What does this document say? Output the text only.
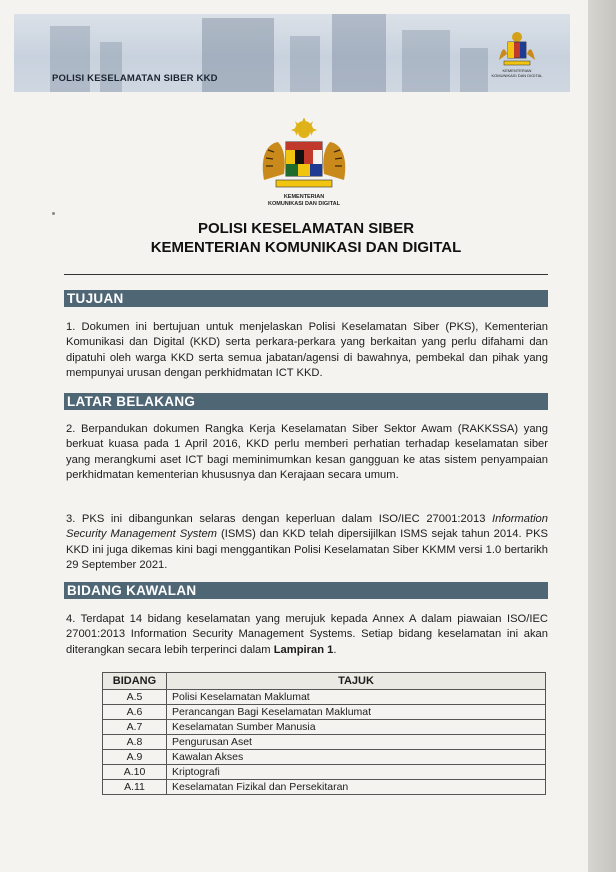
POLISI KESELAMATAN SIBER KKD
KEMENTERIAN
KOMUNIKASI DAN DIGITAL
KEMENTERIAN
KOMUNIKASI DAN DIGITAL
POLISI KESELAMATAN SIBER
KEMENTERIAN KOMUNIKASI DAN DIGITAL
TUJUAN
1. Dokumen ini bertujuan untuk menjelaskan Polisi Keselamatan Siber (PKS), Kementerian Komunikasi dan Digital (KKD) serta perkara-perkara yang berkaitan yang perlu difahami dan dipatuhi oleh warga KKD serta semua jabatan/agensi di bawahnya, pembekal dan pihak yang mempunyai urusan dengan perkhidmatan ICT KKD.
LATAR BELAKANG
2. Berpandukan dokumen Rangka Kerja Keselamatan Siber Sektor Awam (RAKKSSA) yang berkuat kuasa pada 1 April 2016, KKD perlu memberi perhatian terhadap keselamatan siber yang merangkumi aset ICT bagi meminimumkan kesan gangguan ke atas sistem penyampaian perkhidmatan kementerian khususnya dan Kerajaan secara umum.
3. PKS ini dibangunkan selaras dengan keperluan dalam ISO/IEC 27001:2013 Information Security Management System (ISMS) dan KKD telah dipersijilkan ISMS sejak tahun 2014. PKS KKD ini juga dikemas kini bagi menggantikan Polisi Keselamatan Siber KKMM versi 1.0 bertarikh 29 September 2021.
BIDANG KAWALAN
4. Terdapat 14 bidang keselamatan yang merujuk kepada Annex A dalam piawaian ISO/IEC 27001:2013 Information Security Management Systems. Setiap bidang keselamatan ini akan diterangkan secara lebih terperinci dalam Lampiran 1.
BIDANG	TAJUK
A.5	Polisi Keselamatan Maklumat
A.6	Perancangan Bagi Keselamatan Maklumat
A.7	Keselamatan Sumber Manusia
A.8	Pengurusan Aset
A.9	Kawalan Akses
A.10	Kriptografi
A.11	Keselamatan Fizikal dan Persekitaran
